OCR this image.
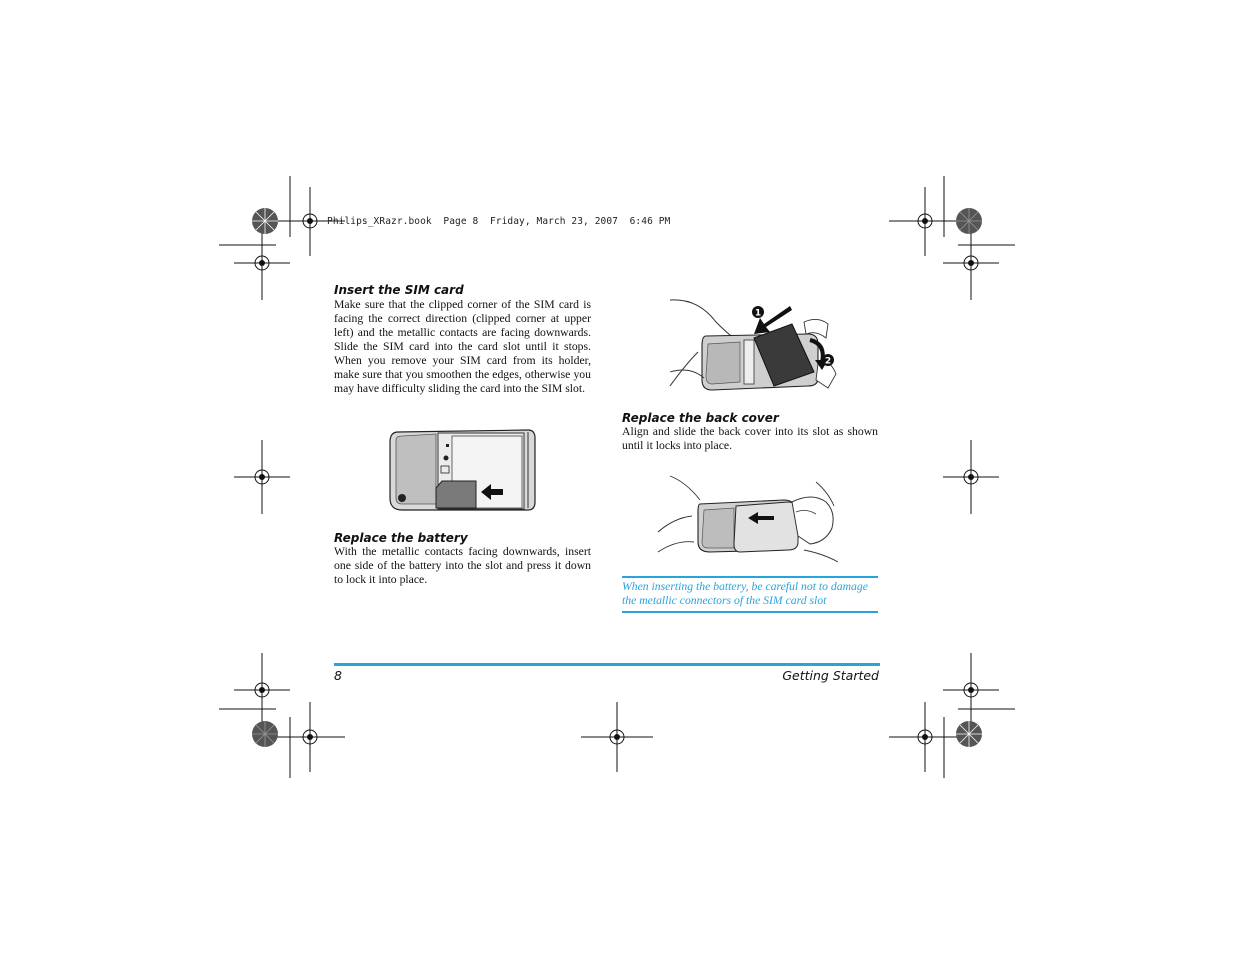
Philips_XRazr.book  Page 8  Friday, March 23, 2007  6:46 PM
Insert the SIM card
Make sure that the clipped corner of the SIM card is facing the correct direction (clipped corner at upper left) and the metallic contacts are facing downwards. Slide the SIM card into the card slot until it stops. When you remove your SIM card from its holder, make sure that you smoothen the edges, otherwise you may have difficulty sliding the card into the SIM slot.
Replace the battery
With the metallic contacts facing downwards, insert one side of the battery into the slot and press it down to lock it into place.
1
2
Replace the back cover
Align and slide the back cover into its slot as shown until it locks into place.
When inserting the battery, be careful not to damage the metallic connectors of the SIM card slot
8	Getting Started
